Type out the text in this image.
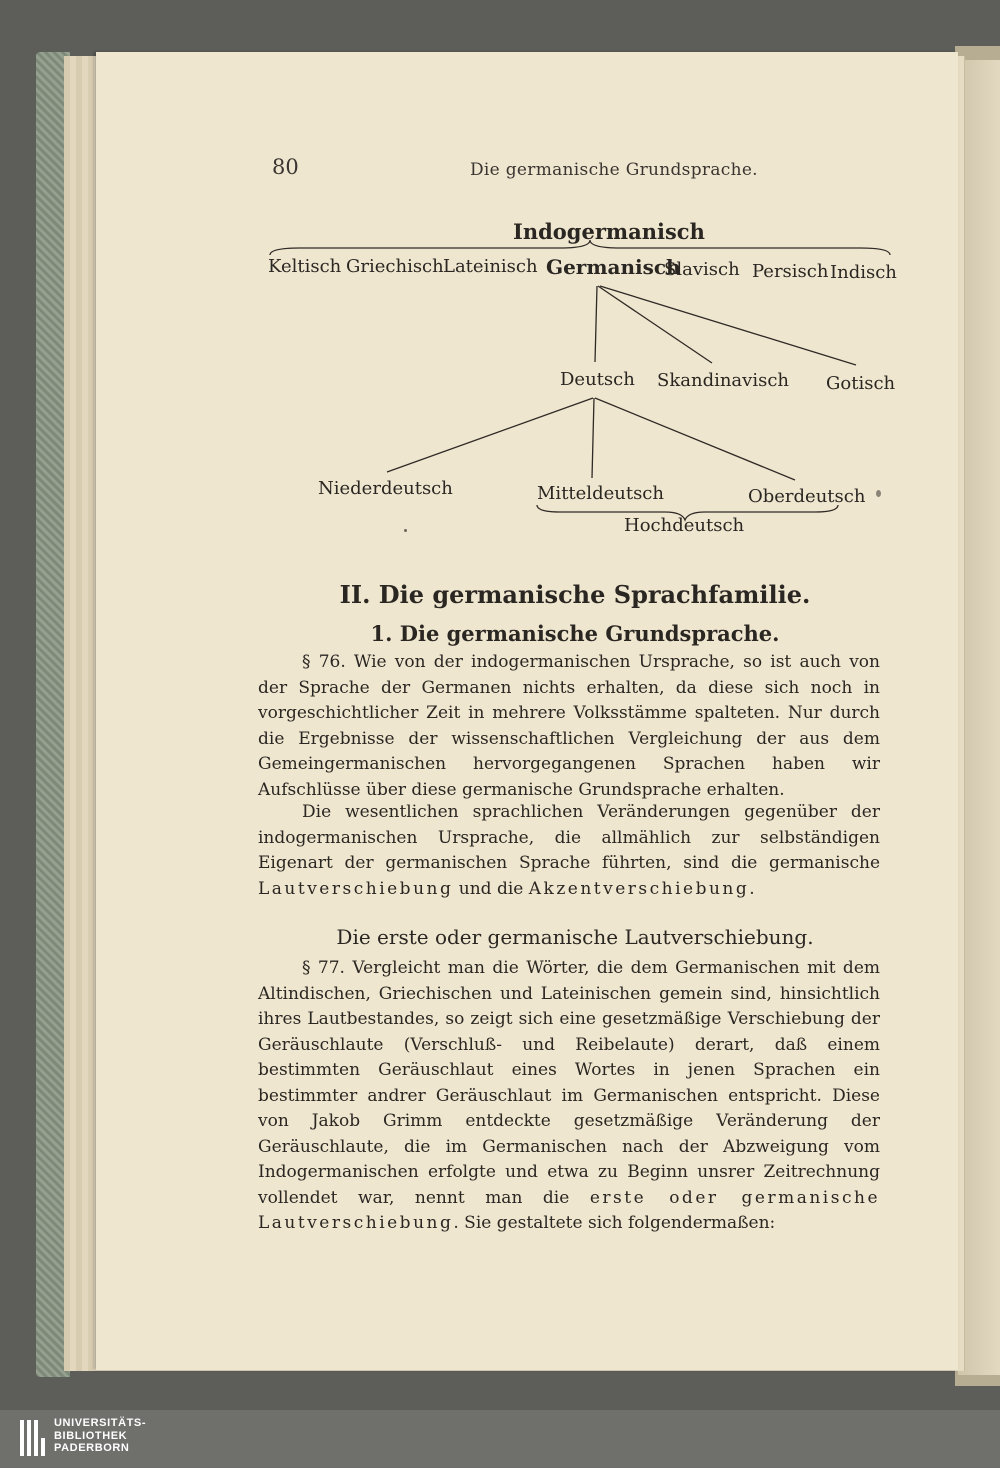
80	Die germanische Grundsprache.
Indogermanisch
Keltisch Griechisch Lateinisch Germanisch
Slavisch Persisch Indisch
Deutsch Skandinavisch Gotisch
Niederdeutsch	Mitteldeutsch	Oberdeutsch
Hochdeutsch
II. Die germanische Sprachfamilie.
1. Die germanische Grundsprache.
§ 76. Wie von der indogermanischen Ursprache, so ist auch von der Sprache der Germanen nichts erhalten, da diese sich noch in vorgeschichtlicher Zeit in mehrere Volksstämme spalteten. Nur durch die Ergebnisse der wissenschaftlichen Vergleichung der aus dem Gemeingermanischen hervorgegangenen Sprachen haben wir Aufschlüsse über diese germanische Grundsprache erhalten.
Die wesentlichen sprachlichen Veränderungen gegenüber der indogermanischen Ursprache, die allmählich zur selbständigen Eigenart der germanischen Sprache führten, sind die germanische Lautverschiebung und die Akzentverschiebung.
Die erste oder germanische Lautverschiebung.
§ 77. Vergleicht man die Wörter, die dem Germanischen mit dem Altindischen, Griechischen und Lateinischen gemein sind, hinsichtlich ihres Lautbestandes, so zeigt sich eine gesetzmäßige Verschiebung der Geräuschlaute (Verschluß- und Reibelaute) derart, daß einem bestimmten Geräuschlaut eines Wortes in jenen Sprachen ein bestimmter andrer Geräuschlaut im Germanischen entspricht. Diese von Jakob Grimm entdeckte gesetzmäßige Veränderung der Geräuschlaute, die im Germanischen nach der Abzweigung vom Indogermanischen erfolgte und etwa zu Beginn unsrer Zeitrechnung vollendet war, nennt man die erste oder germanische Lautverschiebung. Sie gestaltete sich folgendermaßen:
UNIVERSITÄTS-
BIBLIOTHEK
PADERBORN
